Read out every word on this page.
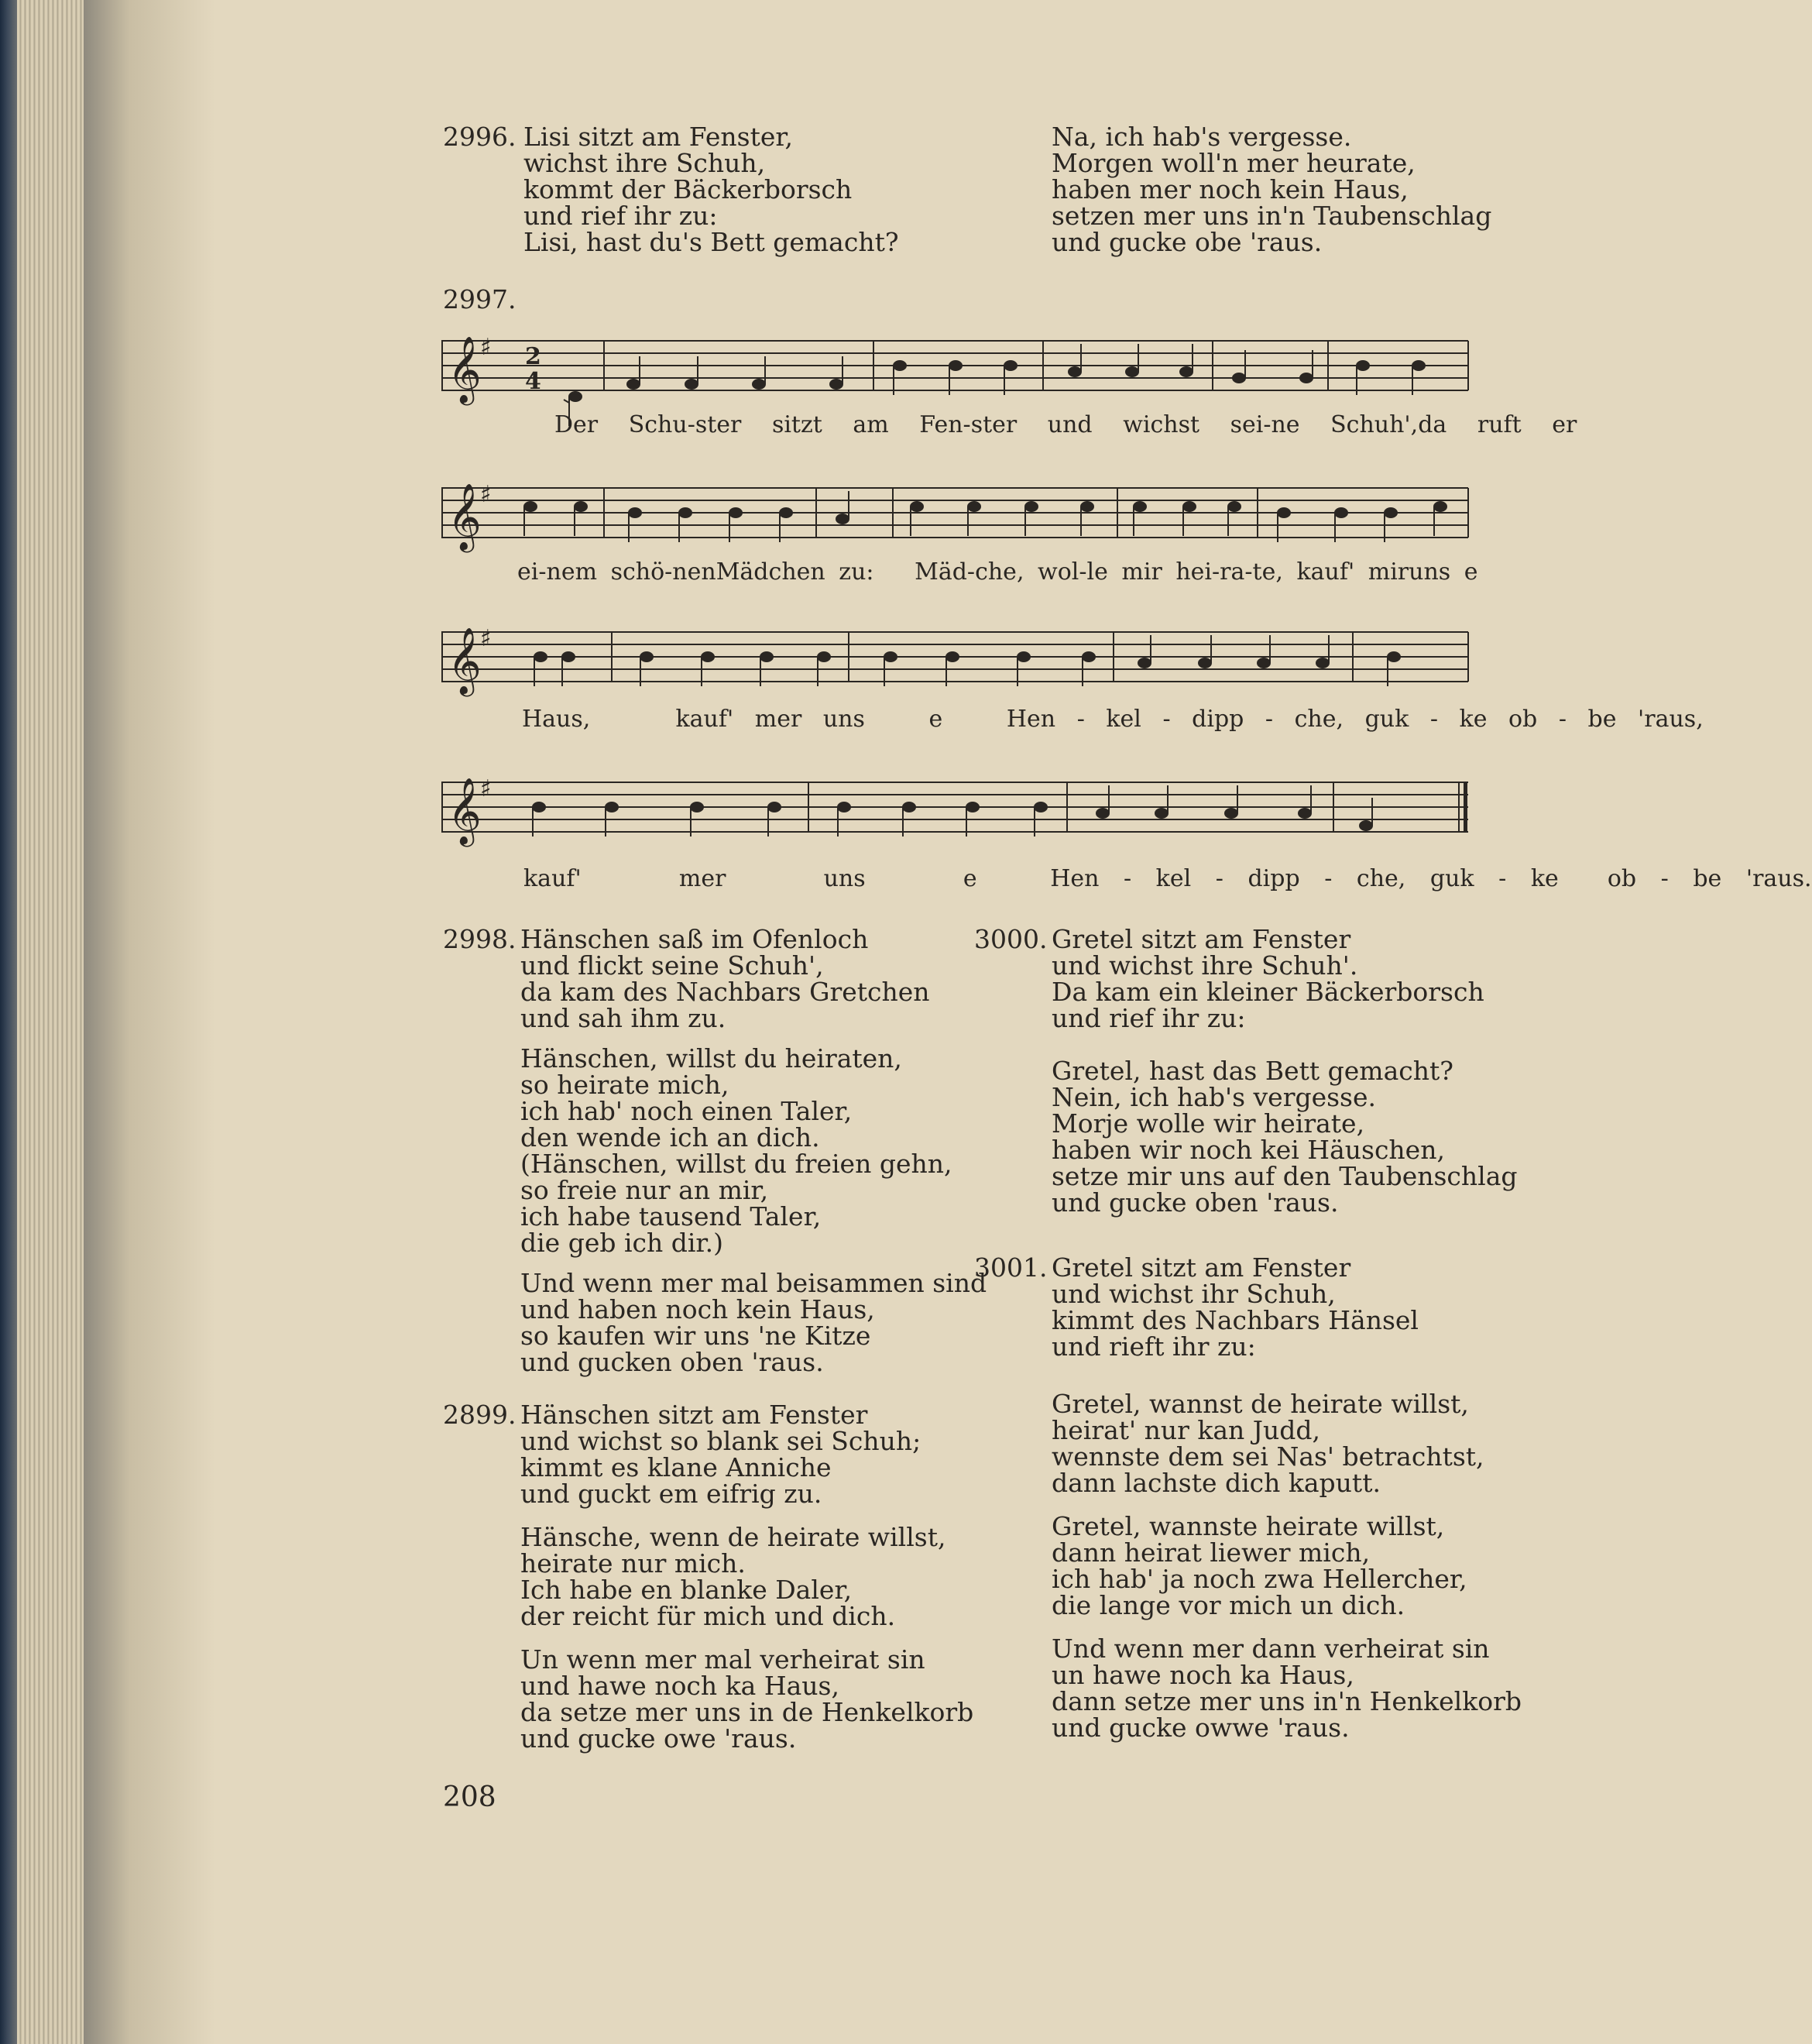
2996. Lisi sitzt am Fenster,
wichst ihre Schuh,
kommt der Bäckerborsch
und rief ihr zu:
Lisi, hast du's Bett gemacht?
Na, ich hab's vergesse.
Morgen woll'n mer heurate,
haben mer noch kein Haus,
setzen mer uns in'n Taubenschlag
und gucke obe 'raus.
2997.
𝄞
♯ 2
4
Der Schu-ster sitzt am Fen-ster und wichst sei-ne Schuh',da ruft er
𝄞
♯
ei-nem schö-nenMädchen zu: Mäd-che, wol-le mir hei-ra-te, kauf' miruns e
𝄞
♯
Haus,	kauf' mer uns	e	Hen - kel - dipp - che, guk - ke ob - be 'raus,
𝄞
♯
kauf'	mer	uns	e	Hen - kel - dipp - che, guk - ke ob - be 'raus.
2998. Hänschen saß im Ofenloch
und flickt seine Schuh',
da kam des Nachbars Gretchen
und sah ihm zu.
Hänschen, willst du heiraten,
so heirate mich,
ich hab' noch einen Taler,
den wende ich an dich.
(Hänschen, willst du freien gehn,
so freie nur an mir,
ich habe tausend Taler,
die geb ich dir.)
Und wenn mer mal beisammen sind
und haben noch kein Haus,
so kaufen wir uns 'ne Kitze
und gucken oben 'raus.
2899. Hänschen sitzt am Fenster
und wichst so blank sei Schuh;
kimmt es klane Anniche
und guckt em eifrig zu.
Hänsche, wenn de heirate willst,
heirate nur mich.
Ich habe en blanke Daler,
der reicht für mich und dich.
Un wenn mer mal verheirat sin
und hawe noch ka Haus,
da setze mer uns in de Henkelkorb
und gucke owe 'raus.
3000. Gretel sitzt am Fenster
und wichst ihre Schuh'.
Da kam ein kleiner Bäckerborsch
und rief ihr zu:
Gretel, hast das Bett gemacht?
Nein, ich hab's vergesse.
Morje wolle wir heirate,
haben wir noch kei Häuschen,
setze mir uns auf den Taubenschlag
und gucke oben 'raus.
3001. Gretel sitzt am Fenster
und wichst ihr Schuh,
kimmt des Nachbars Hänsel
und rieft ihr zu:
Gretel, wannst de heirate willst,
heirat' nur kan Judd,
wennste dem sei Nas' betrachtst,
dann lachste dich kaputt.
Gretel, wannste heirate willst,
dann heirat liewer mich,
ich hab' ja noch zwa Hellercher,
die lange vor mich un dich.
Und wenn mer dann verheirat sin
un hawe noch ka Haus,
dann setze mer uns in'n Henkelkorb
und gucke owwe 'raus.
208
